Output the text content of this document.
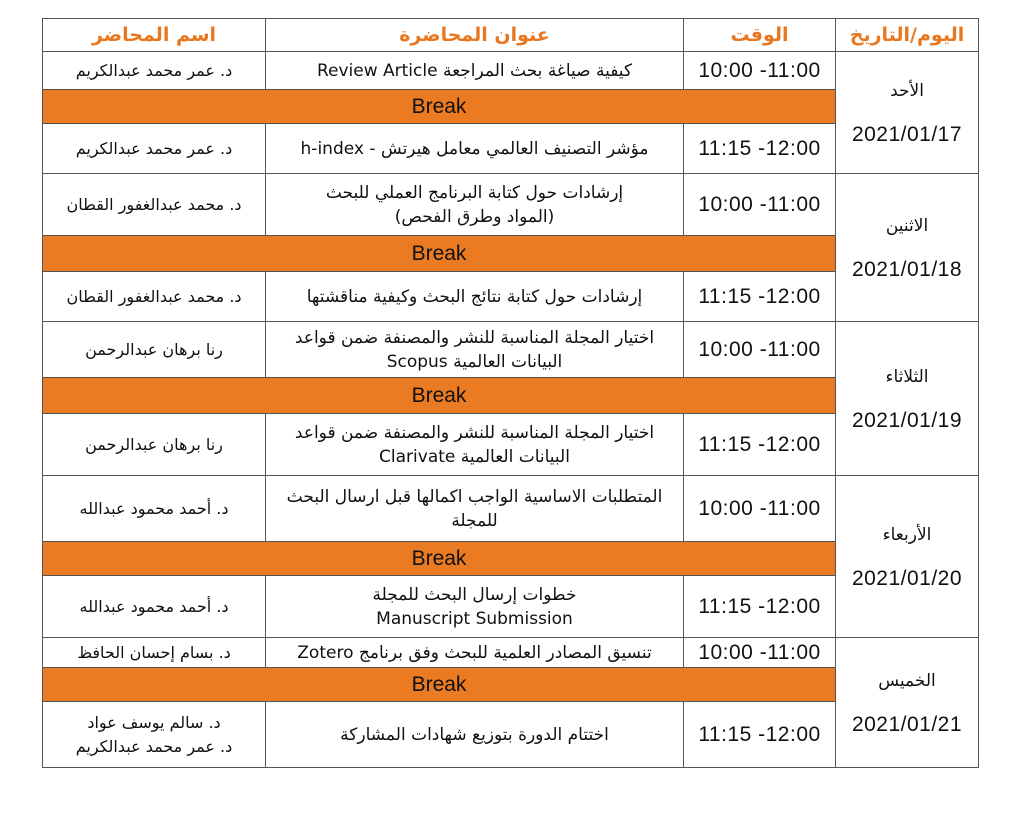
اليوم/التاريخ	الوقت	عنوان المحاضرة	اسم المحاضر

الأحد
2021/01/17	10:00 -11:00	كيفية صياغة بحث المراجعة Review Article	د. عمر محمد عبدالكريم

	Break		
	11:15 -12:00	مؤشر التصنيف العالمي معامل هيرتش - h-index	د. عمر محمد عبدالكريم

الاثنين
2021/01/18	10:00 -11:00	إرشادات حول كتابة البرنامج العملي للبحث
(المواد وطرق الفحص)	د. محمد عبدالغفور القطان

	Break		
	11:15 -12:00	إرشادات حول كتابة نتائج البحث وكيفية مناقشتها	د. محمد عبدالغفور القطان

الثلاثاء
2021/01/19	10:00 -11:00	اختيار المجلة المناسبة للنشر والمصنفة ضمن قواعد
البيانات العالمية Scopus	رنا برهان عبدالرحمن

	Break		
	11:15 -12:00	اختيار المجلة المناسبة للنشر والمصنفة ضمن قواعد
البيانات العالمية Clarivate	رنا برهان عبدالرحمن

الأربعاء
2021/01/20	10:00 -11:00	المتطلبات الاساسية الواجب اكمالها قبل ارسال البحث
للمجلة	د. أحمد محمود عبدالله

	Break		
	11:15 -12:00	خطوات إرسال البحث للمجلة
Manuscript Submission	د. أحمد محمود عبدالله

الخميس
2021/01/21	10:00 -11:00	تنسيق المصادر العلمية للبحث وفق برنامج Zotero	د. بسام إحسان الحافظ

	Break		
	11:15 -12:00	اختتام الدورة بتوزيع شهادات المشاركة	د. سالم يوسف عواد
د. عمر محمد عبدالكريم
